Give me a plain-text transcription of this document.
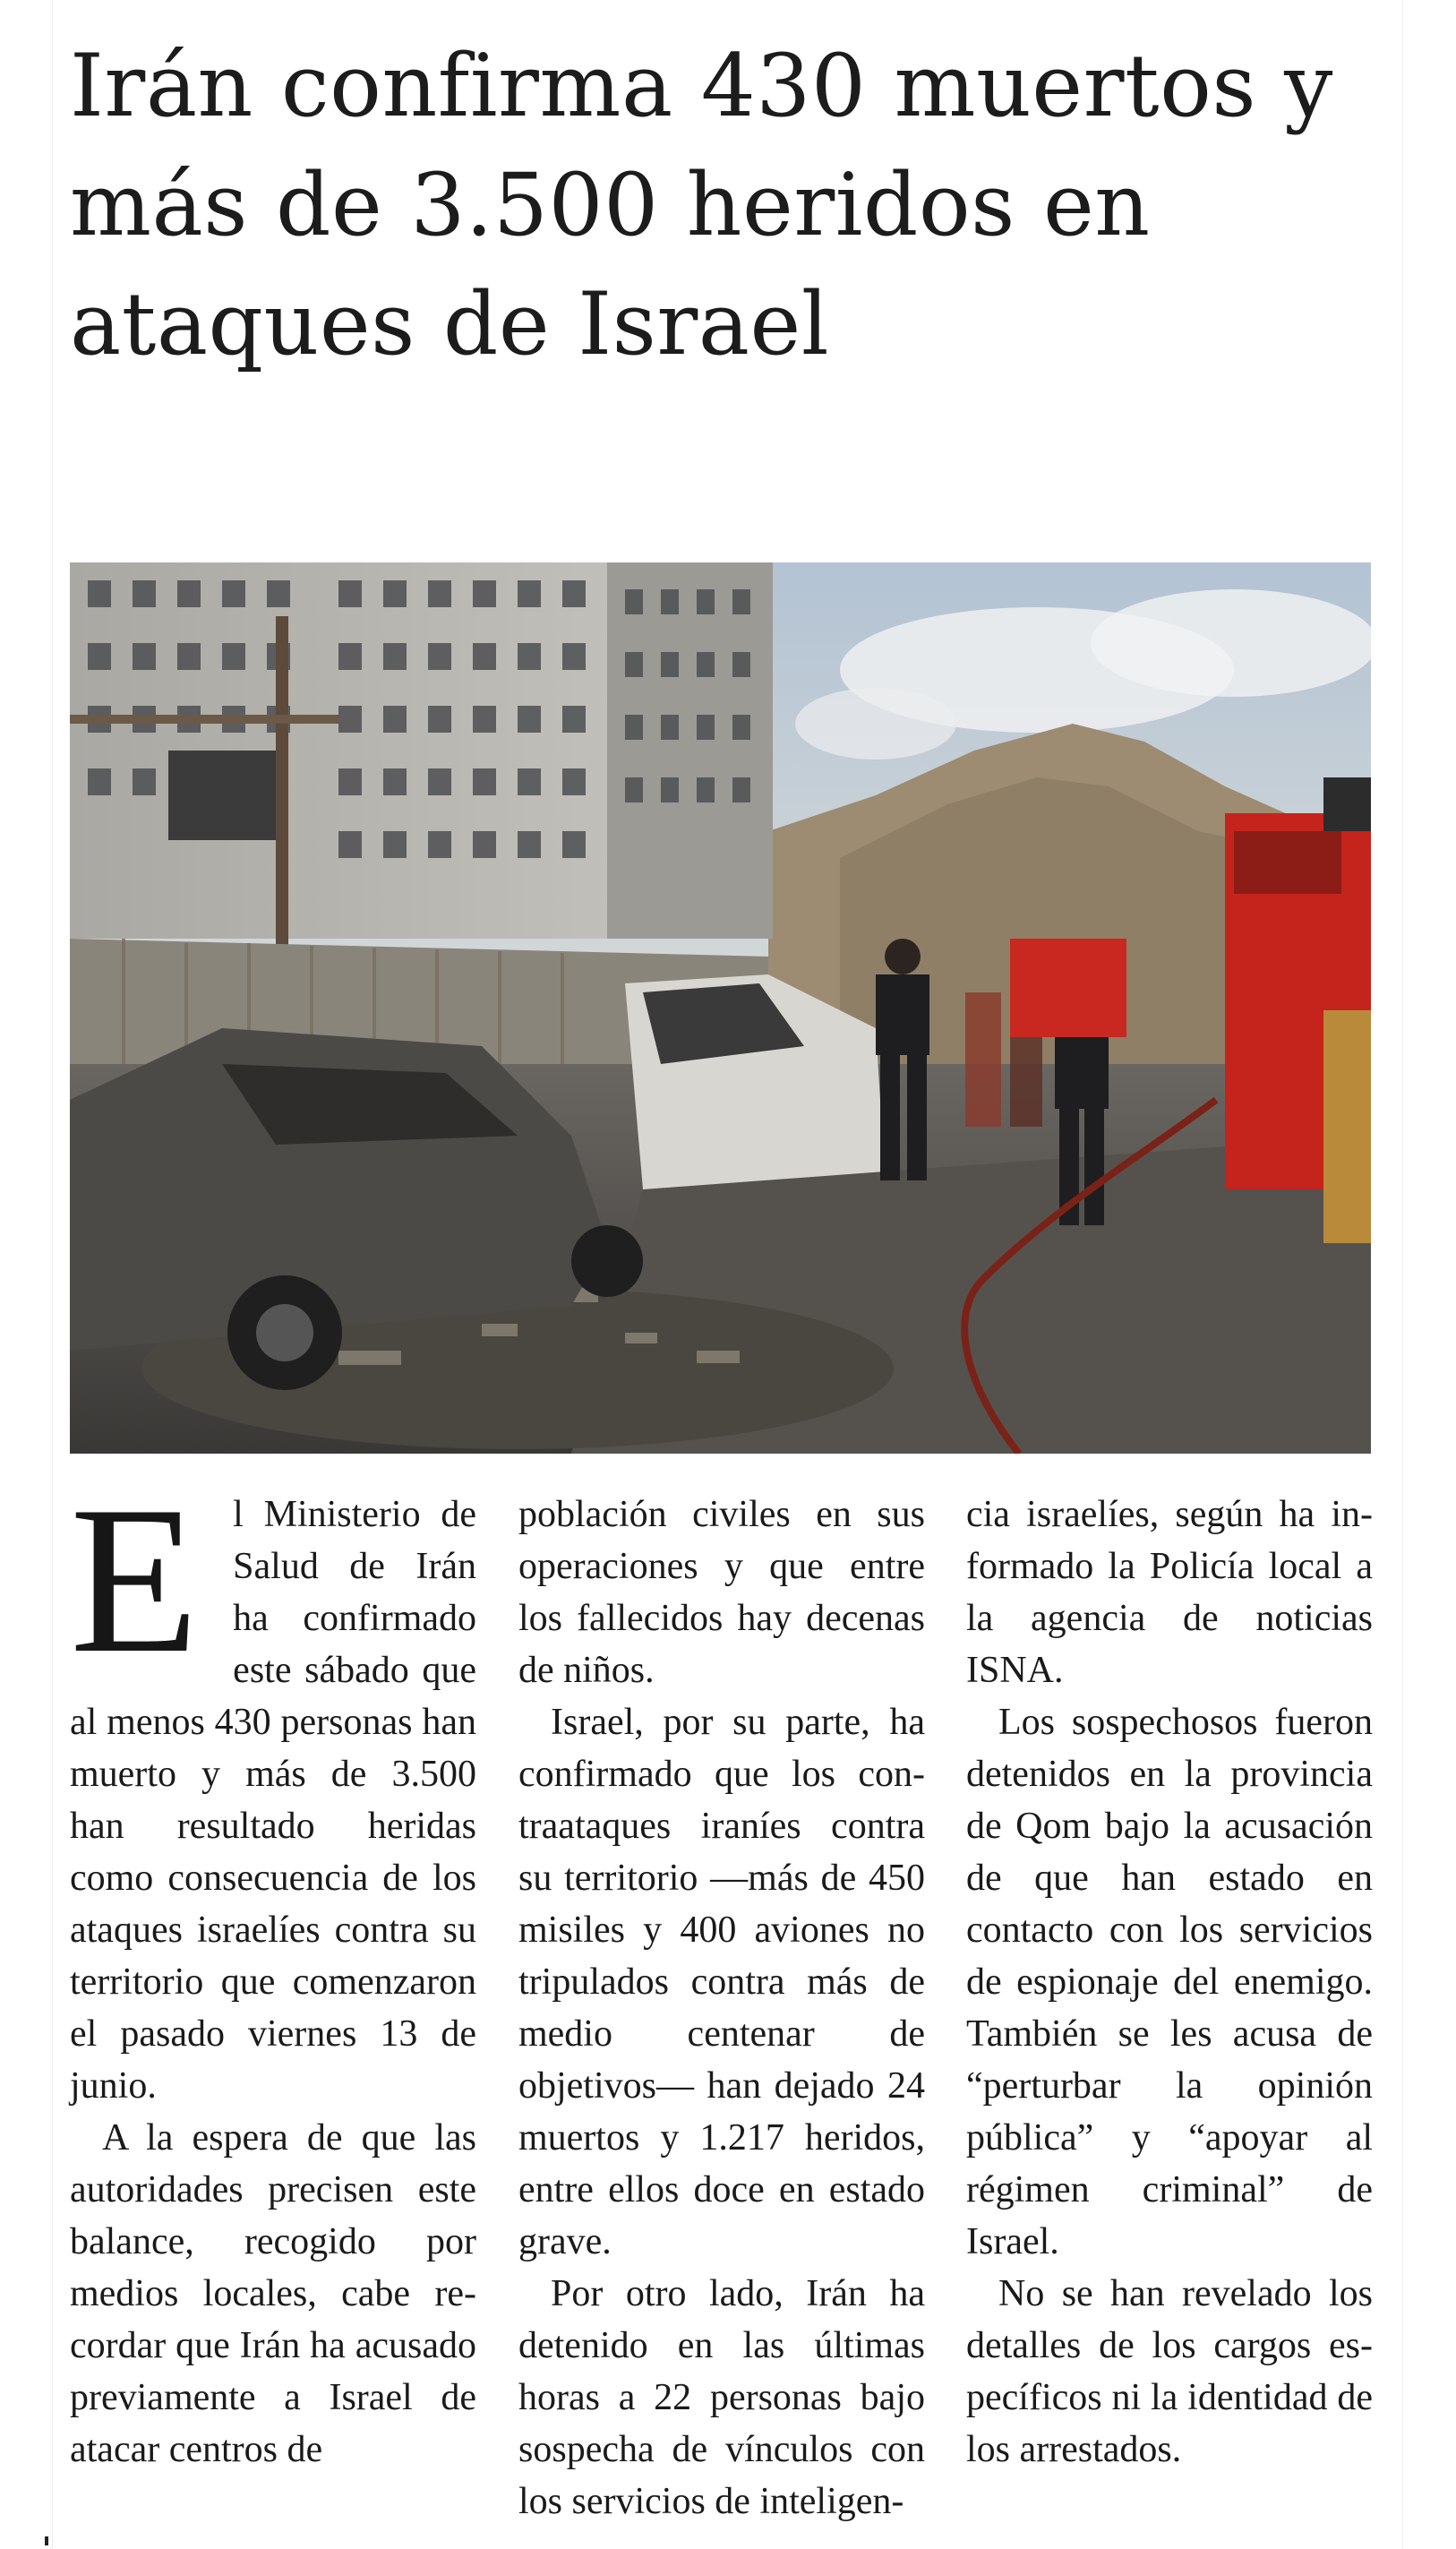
Irán confirma 430 muertos y más de 3.500 heridos en ataques de Israel
E l Ministerio de Salud de Irán ha confirmado este sábado que al menos 430 personas han muerto y más de 3.500 han resultado heridas como consecuencia de los ataques israelíes contra su territorio que comenzaron el pasado viernes 13 de junio.

A la espera de que las autoridades precisen este balance, recogido por medios locales, cabe recordar que Irán ha acusado previamente a Israel de atacar centros de

población civiles en sus operaciones y que entre los fallecidos hay decenas de niños.

Israel, por su parte, ha confirmado que los contraataques iraníes contra su territorio —más de 450 misiles y 400 aviones no tripulados contra más de medio centenar de objetivos— han dejado 24 muertos y 1.217 heridos, entre ellos doce en estado grave.

Por otro lado, Irán ha detenido en las últimas horas a 22 personas bajo sospecha de vínculos con los servicios de inteligen-

cia israelíes, según ha informado la Policía local a la agencia de noticias ISNA.

Los sospechosos fueron detenidos en la provincia de Qom bajo la acusación de que han estado en contacto con los servicios de espionaje del enemigo. También se les acusa de “perturbar la opinión pública” y “apoyar al régimen criminal” de Israel.

No se han revelado los detalles de los cargos específicos ni la identidad de los arrestados.
